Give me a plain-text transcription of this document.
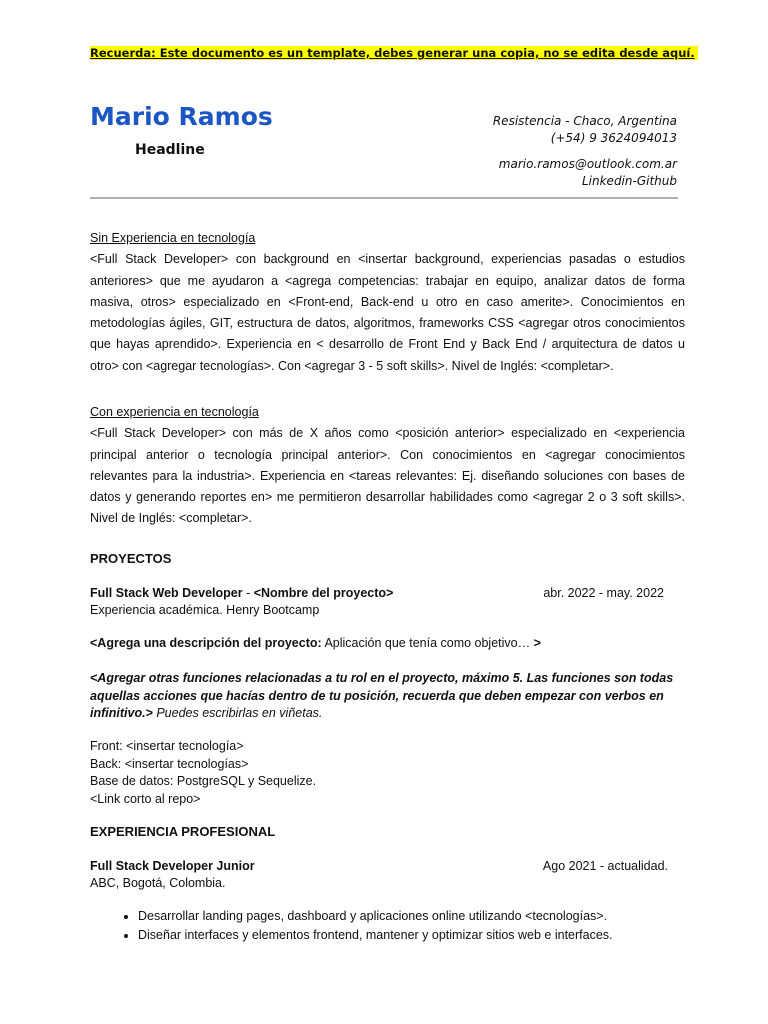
Recuerda: Este documento es un template, debes generar una copia, no se edita desde aquí.
Mario Ramos
Headline
Resistencia - Chaco, Argentina
(+54) 9 3624094013
mario.ramos@outlook.com.ar
Linkedin-Github
Sin Experiencia en tecnología
<Full Stack Developer> con background en <insertar background, experiencias pasadas o estudios anteriores> que me ayudaron a <agrega competencias: trabajar en equipo, analizar datos de forma masiva, otros> especializado en <Front-end, Back-end u otro en caso amerite>. Conocimientos en metodologías ágiles, GIT, estructura de datos, algoritmos, frameworks CSS <agregar otros conocimientos que hayas aprendido>. Experiencia en < desarrollo de Front End y Back End / arquitectura de datos u otro> con <agregar tecnologías>. Con <agregar 3 - 5 soft skills>. Nivel de Inglés: <completar>.
Con experiencia en tecnología
<Full Stack Developer> con más de X años como <posición anterior> especializado en <experiencia principal anterior o tecnología principal anterior>. Con conocimientos en <agregar conocimientos relevantes para la industria>. Experiencia en <tareas relevantes: Ej. diseñando soluciones con bases de datos y generando reportes en> me permitieron desarrollar habilidades como <agregar 2 o 3 soft skills>. Nivel de Inglés: <completar>.
PROYECTOS
Full Stack Web Developer - <Nombre del proyecto>	abr. 2022 - may. 2022
Experiencia académica. Henry Bootcamp
<Agrega una descripción del proyecto: Aplicación que tenía como objetivo… >
<Agregar otras funciones relacionadas a tu rol en el proyecto, máximo 5. Las funciones son todas aquellas acciones que hacías dentro de tu posición, recuerda que deben empezar con verbos en infinitivo.> Puedes escribirlas en viñetas.
Front: <insertar tecnología>
Back: <insertar tecnologías>
Base de datos: PostgreSQL y Sequelize.
<Link corto al repo>
EXPERIENCIA PROFESIONAL
Full Stack Developer Junior	Ago 2021 - actualidad.
ABC, Bogotá, Colombia.
• Desarrollar landing pages, dashboard y aplicaciones online utilizando <tecnologías>.
• Diseñar interfaces y elementos frontend, mantener y optimizar sitios web e interfaces.
